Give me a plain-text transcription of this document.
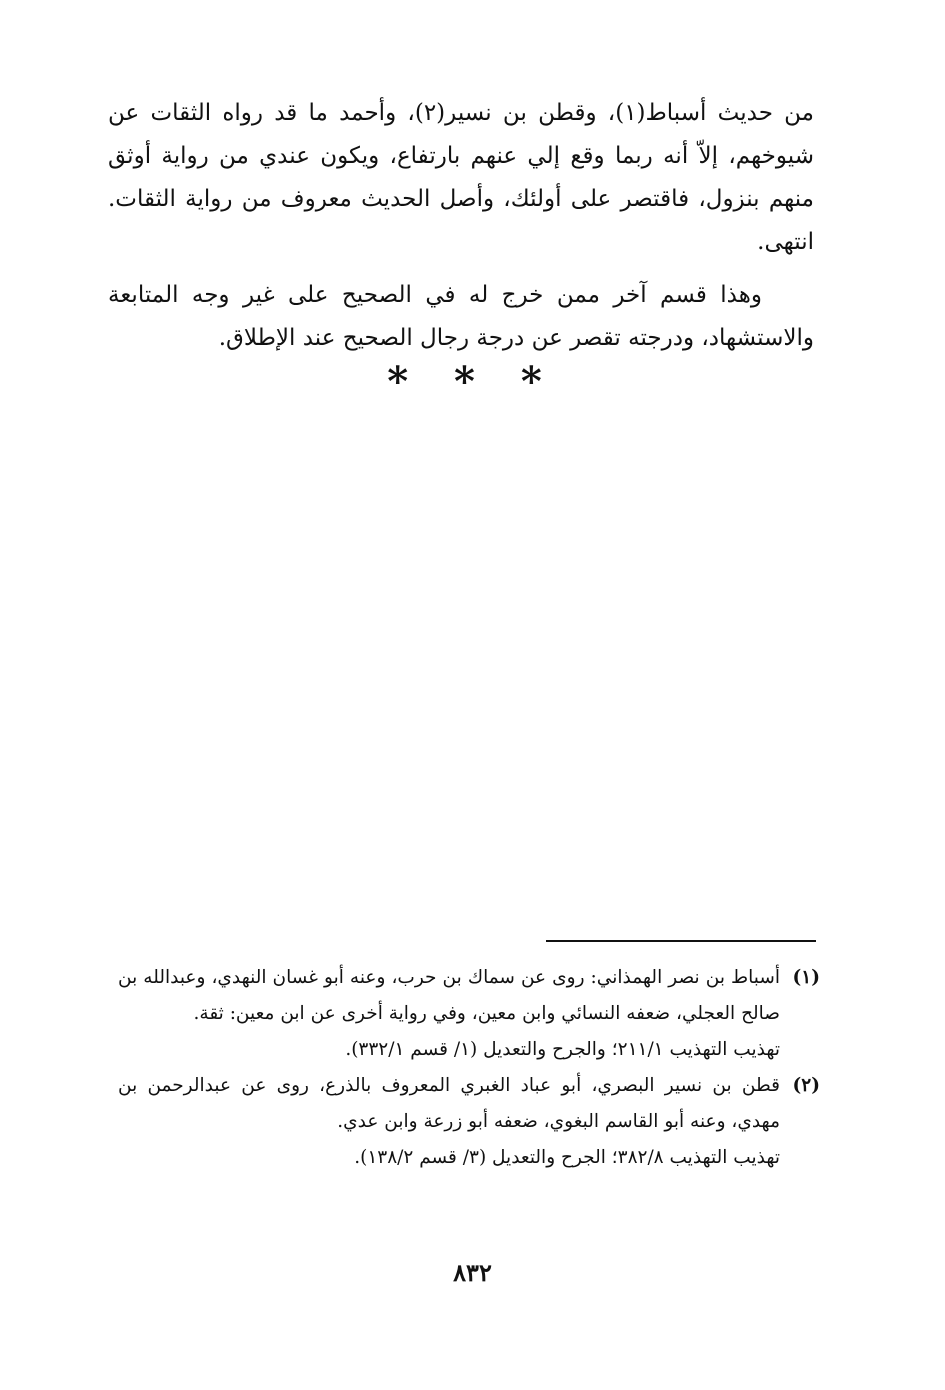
من حديث أسباط(١)، وقطن بن نسير(٢)، وأحمد ما قد رواه الثقات عن شيوخهم، إلاّ أنه ربما وقع إلي عنهم بارتفاع، ويكون عندي من رواية أوثق منهم بنزول، فاقتصر على أولئك، وأصل الحديث معروف من رواية الثقات. انتهى.

وهذا قسم آخر ممن خرج له في الصحيح على غير وجه المتابعة والاستشهاد، ودرجته تقصر عن درجة رجال الصحيح عند الإطلاق.

* * *
(١)

أسباط بن نصر الهمذاني: روى عن سماك بن حرب، وعنه أبو غسان النهدي، وعبدالله بن صالح العجلي، ضعفه النسائي وابن معين، وفي رواية أخرى عن ابن معين: ثقة.

تهذيب التهذيب ٢١١/١؛ والجرح والتعديل (١/ قسم ٣٣٢/١).

(٢)

قطن بن نسير البصري، أبو عباد الغبري المعروف بالذرع، روى عن عبدالرحمن بن مهدي، وعنه أبو القاسم البغوي، ضعفه أبو زرعة وابن عدي.

تهذيب التهذيب ٣٨٢/٨؛ الجرح والتعديل (٣/ قسم ١٣٨/٢).

٨٣٢
